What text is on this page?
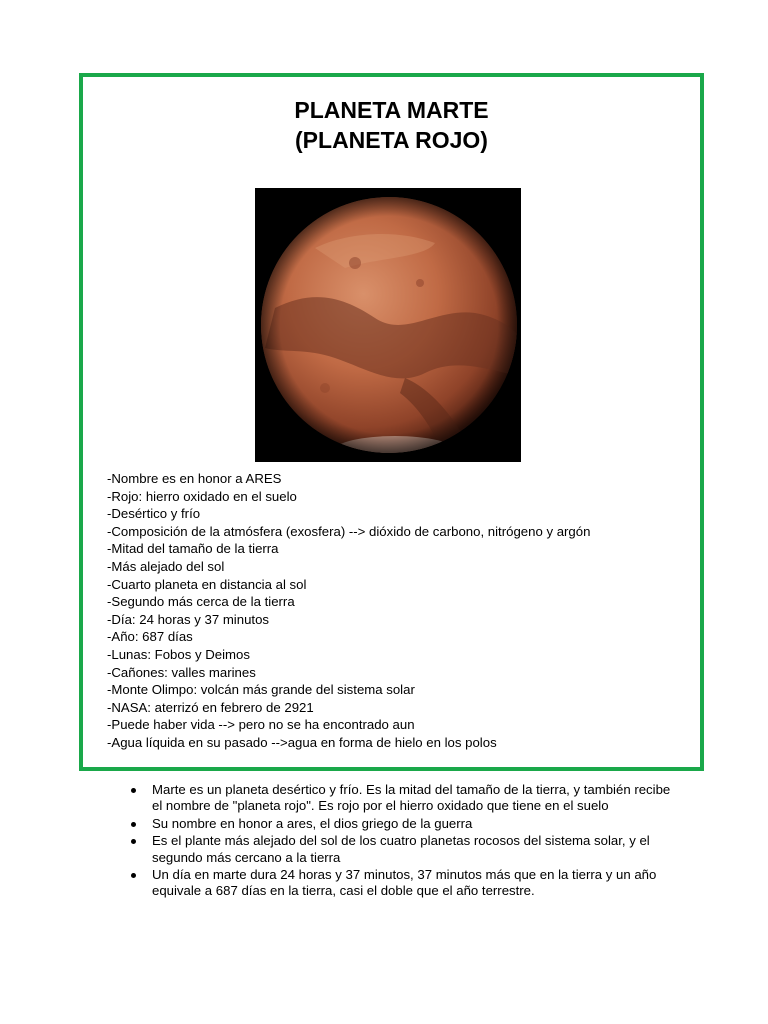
PLANETA MARTE
(PLANETA ROJO)
-Nombre es en honor a ARES
-Rojo: hierro oxidado en el suelo
-Desértico y frío
-Composición de la atmósfera (exosfera) --> dióxido de carbono, nitrógeno y argón
-Mitad del tamaño de la tierra
-Más alejado del sol
-Cuarto planeta en distancia al sol
-Segundo más cerca de la tierra
-Día: 24 horas y 37 minutos
-Año: 687 días
-Lunas: Fobos y Deimos
-Cañones: valles marines
-Monte Olimpo: volcán más grande del sistema solar
-NASA: aterrizó en febrero de 2921
-Puede haber vida --> pero no se ha encontrado aun
-Agua líquida en su pasado -->agua en forma de hielo en los polos
Marte es un planeta desértico y frío. Es la mitad del tamaño de la tierra, y también recibe el nombre de "planeta rojo". Es rojo por el hierro oxidado que tiene en el suelo
Su nombre en honor a ares, el dios griego de la guerra
Es el plante más alejado del sol de los cuatro planetas rocosos del sistema solar, y el segundo más cercano a la tierra
Un día en marte dura 24 horas y 37 minutos, 37 minutos más que en la tierra y un año equivale a 687 días en la tierra, casi el doble que el año terrestre.
